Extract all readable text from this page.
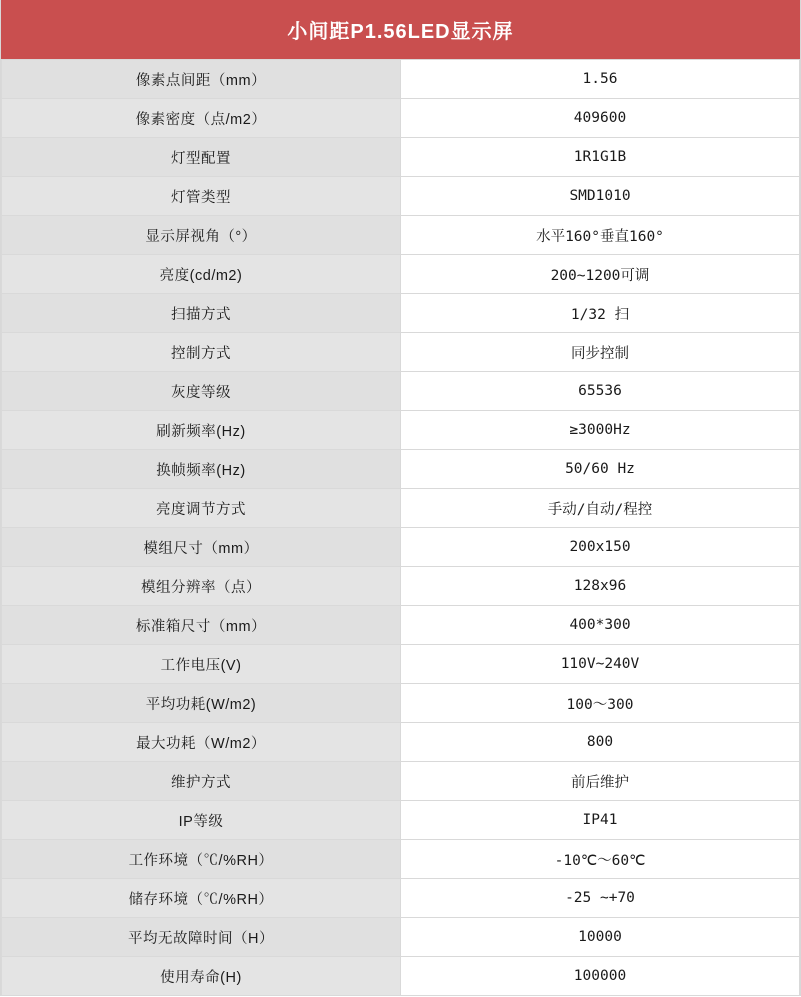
小间距P1.56LED显示屏
像素点间距（mm）	1.56
像素密度（点/m2）	409600
灯型配置	1R1G1B
灯管类型	SMD1010
显示屏视角（°）	水平160°垂直160°
亮度(cd/m2)	200~1200可调
扫描方式	1/32 扫
控制方式	同步控制
灰度等级	65536
刷新频率(Hz)	≥3000Hz
换帧频率(Hz)	50/60 Hz
亮度调节方式	手动/自动/程控
模组尺寸（mm）	200x150
模组分辨率（点）	128x96
标准箱尺寸（mm）	400*300
工作电压(V)	110V~240V
平均功耗(W/m2)	100～300
最大功耗（W/m2）	800
维护方式	前后维护
IP等级	IP41
工作环境（℃/%RH）	-10℃～60℃
储存环境（℃/%RH）	-25 ~+70
平均无故障时间（H）	10000
使用寿命(H)	100000
